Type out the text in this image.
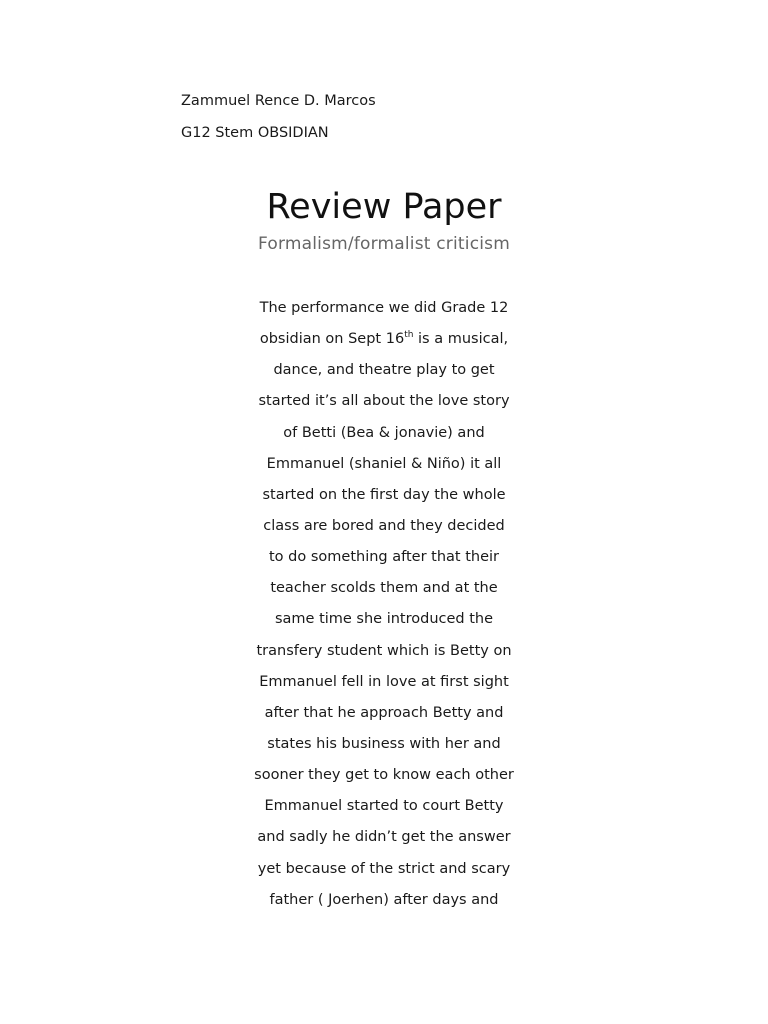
Zammuel Rence D. Marcos
G12 Stem OBSIDIAN
Review Paper
Formalism/formalist criticism
The performance we did Grade 12
obsidian on Sept 16th is a musical,
dance, and theatre play to get
started it’s all about the love story
of Betti (Bea & jonavie) and
Emmanuel (shaniel & Niño) it all
started on the first day the whole
class are bored and they decided
to do something after that their
teacher scolds them and at the
same time she introduced the
transfery student which is Betty on
Emmanuel fell in love at first sight
after that he approach Betty and
states his business with her and
sooner they get to know each other
Emmanuel started to court Betty
and sadly he didn’t get the answer
yet because of the strict and scary
father ( Joerhen) after days and
